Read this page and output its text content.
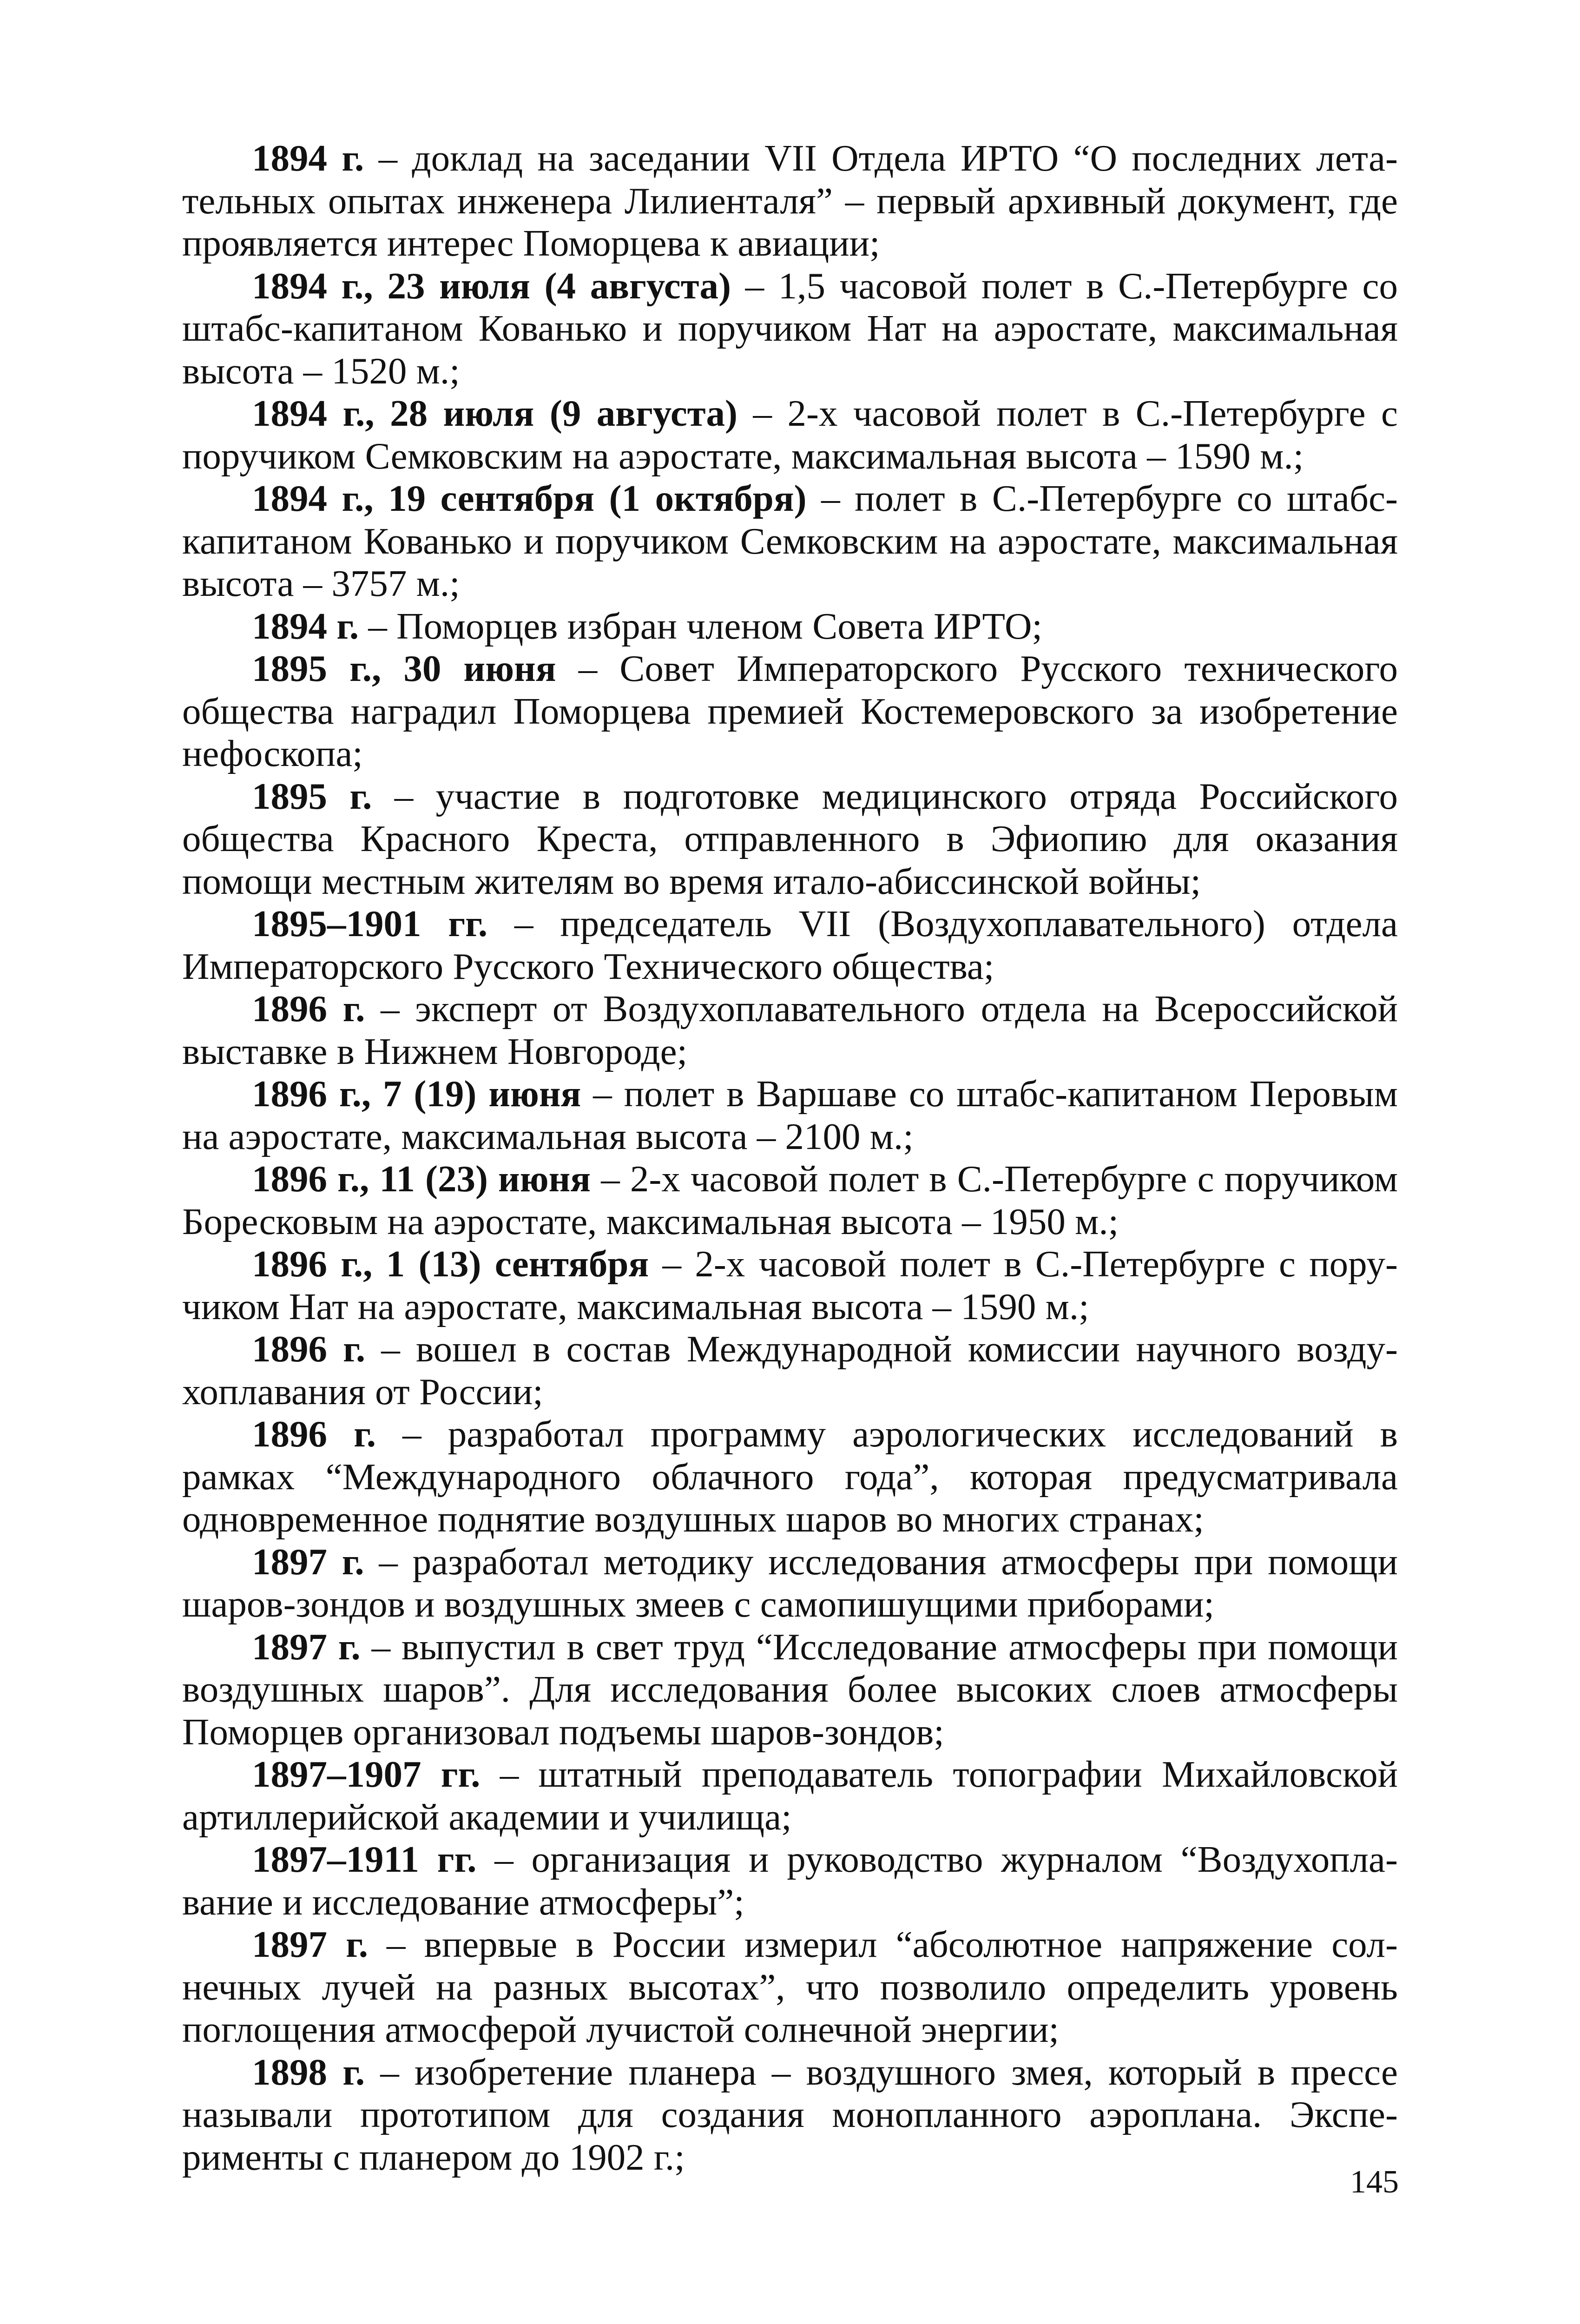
1894 г. – доклад на заседании VII Отдела ИРТО “О последних летательных опытах инженера Лилиенталя” – первый архивный документ, где проявляется интерес Поморцева к авиации;

1894 г., 23 июля (4 августа) – 1,5 часовой полет в С.-Петербурге со штабс-капитаном Кованько и поручиком Нат на аэростате, максимальная высота – 1520 м.;

1894 г., 28 июля (9 августа) – 2-х часовой полет в С.-Петербурге с поручиком Семковским на аэростате, максимальная высота – 1590 м.;

1894 г., 19 сентября (1 октября) – полет в С.-Петербурге со штабскапитаном Кованько и поручиком Семковским на аэростате, максимальная высота – 3757 м.;

1894 г. – Поморцев избран членом Совета ИРТО;

1895 г., 30 июня – Совет Императорского Русского технического общества наградил Поморцева премией Костемеровского за изобретение нефоскопа;

1895 г. – участие в подготовке медицинского отряда Российского общества Красного Креста, отправленного в Эфиопию для оказания помощи местным жителям во время итало-абиссинской войны;

1895–1901 гг. – председатель VII (Воздухоплавательного) отдела Императорского Русского Технического общества;

1896 г. – эксперт от Воздухоплавательного отдела на Всероссийской выставке в Нижнем Новгороде;

1896 г., 7 (19) июня – полет в Варшаве со штабс-капитаном Перовым на аэростате, максимальная высота – 2100 м.;

1896 г., 11 (23) июня – 2-х часовой полет в С.-Петербурге с поручиком Боресковым на аэростате, максимальная высота – 1950 м.;

1896 г., 1 (13) сентября – 2-х часовой полет в С.-Петербурге с поручиком Нат на аэростате, максимальная высота – 1590 м.;

1896 г. – вошел в состав Международной комиссии научного воздухоплавания от России;

1896 г. – разработал программу аэрологических исследований в рамках “Международного облачного года”, которая предусматривала одновременное поднятие воздушных шаров во многих странах;

1897 г. – разработал методику исследования атмосферы при помощи шаров-зондов и воздушных змеев с самопишущими приборами;

1897 г. – выпустил в свет труд “Исследование атмосферы при помощи воздушных шаров”. Для исследования более высоких слоев атмосферы Поморцев организовал подъемы шаров-зондов;

1897–1907 гг. – штатный преподаватель топографии Михайловской артиллерийской академии и училища;

1897–1911 гг. – организация и руководство журналом “Воздухоплавание и исследование атмосферы”;

1897 г. – впервые в России измерил “абсолютное напряжение солнечных лучей на разных высотах”, что позволило определить уровень поглощения атмосферой лучистой солнечной энергии;

1898 г. – изобретение планера – воздушного змея, который в прессе называли прототипом для создания монопланного аэроплана. Эксперименты с планером до 1902 г.;

145
